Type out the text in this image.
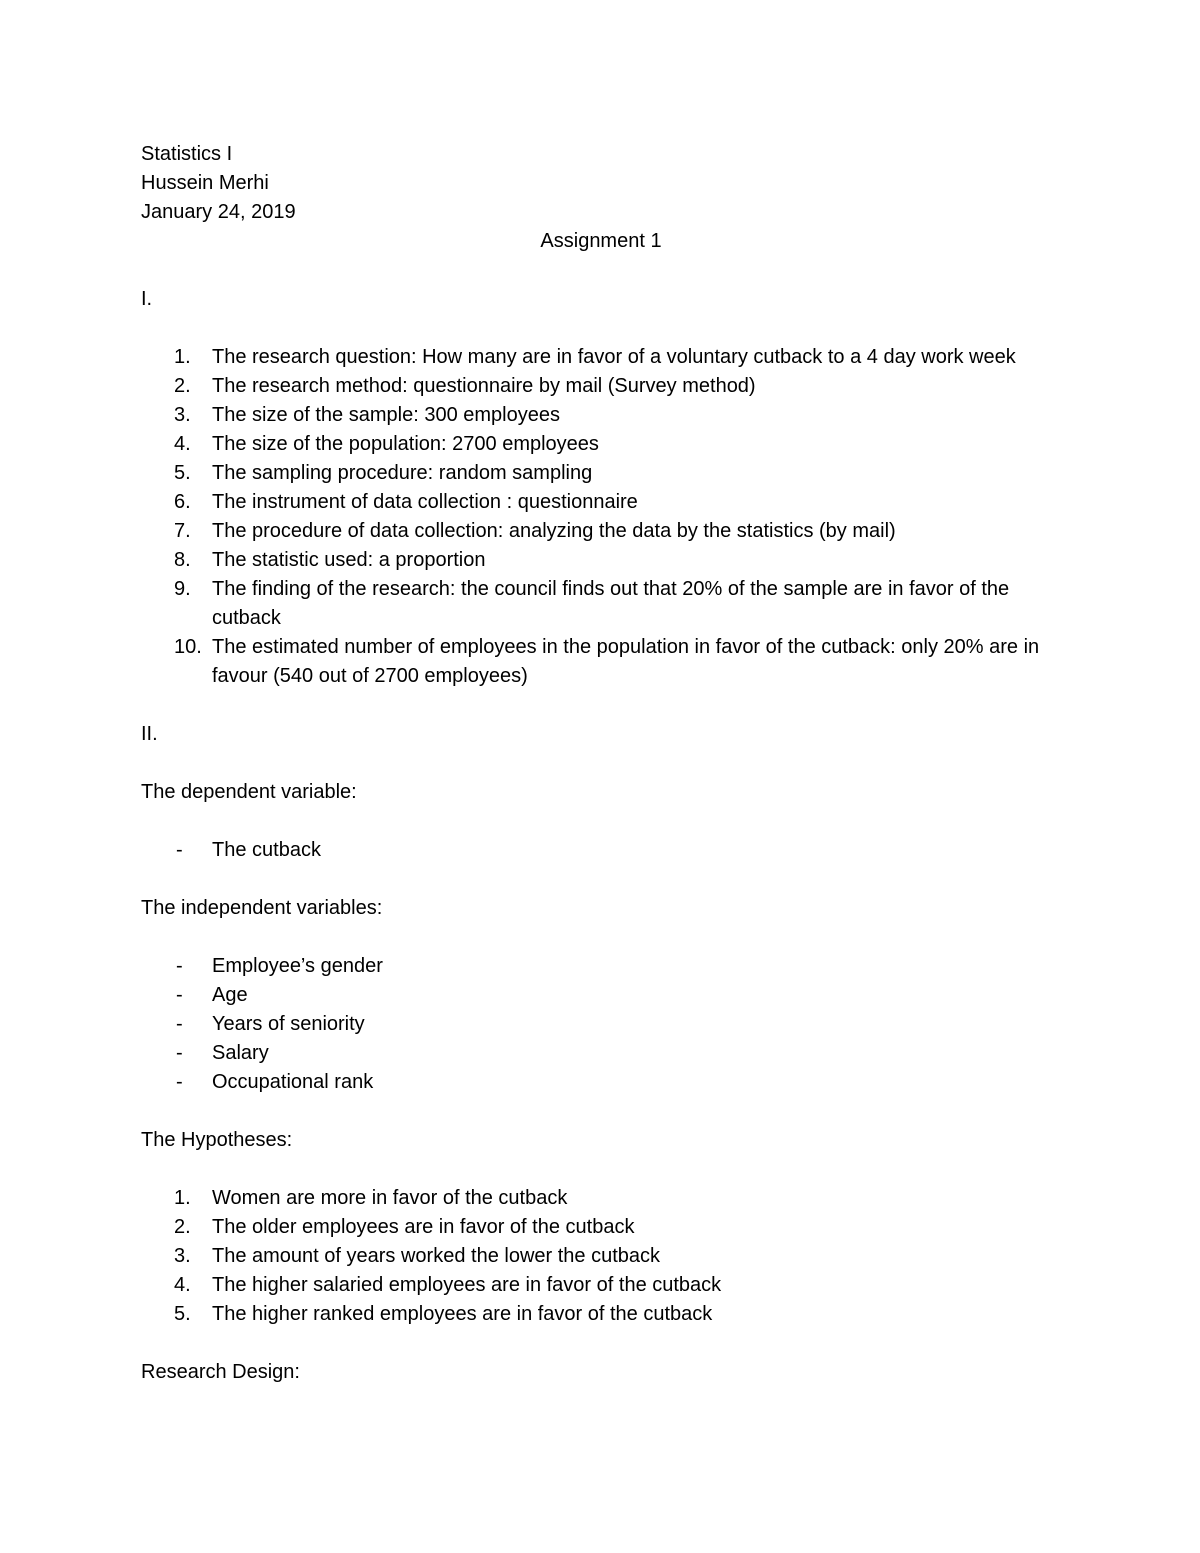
Statistics I

Hussein Merhi

January 24, 2019

Assignment 1

I.

1. The research question: How many are in favor of a voluntary cutback to a 4 day work week
2. The research method: questionnaire by mail (Survey method)
3. The size of the sample: 300 employees
4. The size of the population: 2700 employees
5. The sampling procedure: random sampling
6. The instrument of data collection : questionnaire
7. The procedure of data collection: analyzing the data by the statistics (by mail)
8. The statistic used: a proportion
9. The finding of the research: the council finds out that 20% of the sample are in favor of the cutback
10. The estimated number of employees in the population in favor of the cutback: only 20% are in favour (540 out of 2700 employees)

II.

The dependent variable:

- The cutback

The independent variables:

- Employee’s gender
- Age
- Years of seniority
- Salary
- Occupational rank

The Hypotheses:

1. Women are more in favor of the cutback
2. The older employees are in favor of the cutback
3. The amount of years worked the lower the cutback
4. The higher salaried employees are in favor of the cutback
5. The higher ranked employees are in favor of the cutback

Research Design:
